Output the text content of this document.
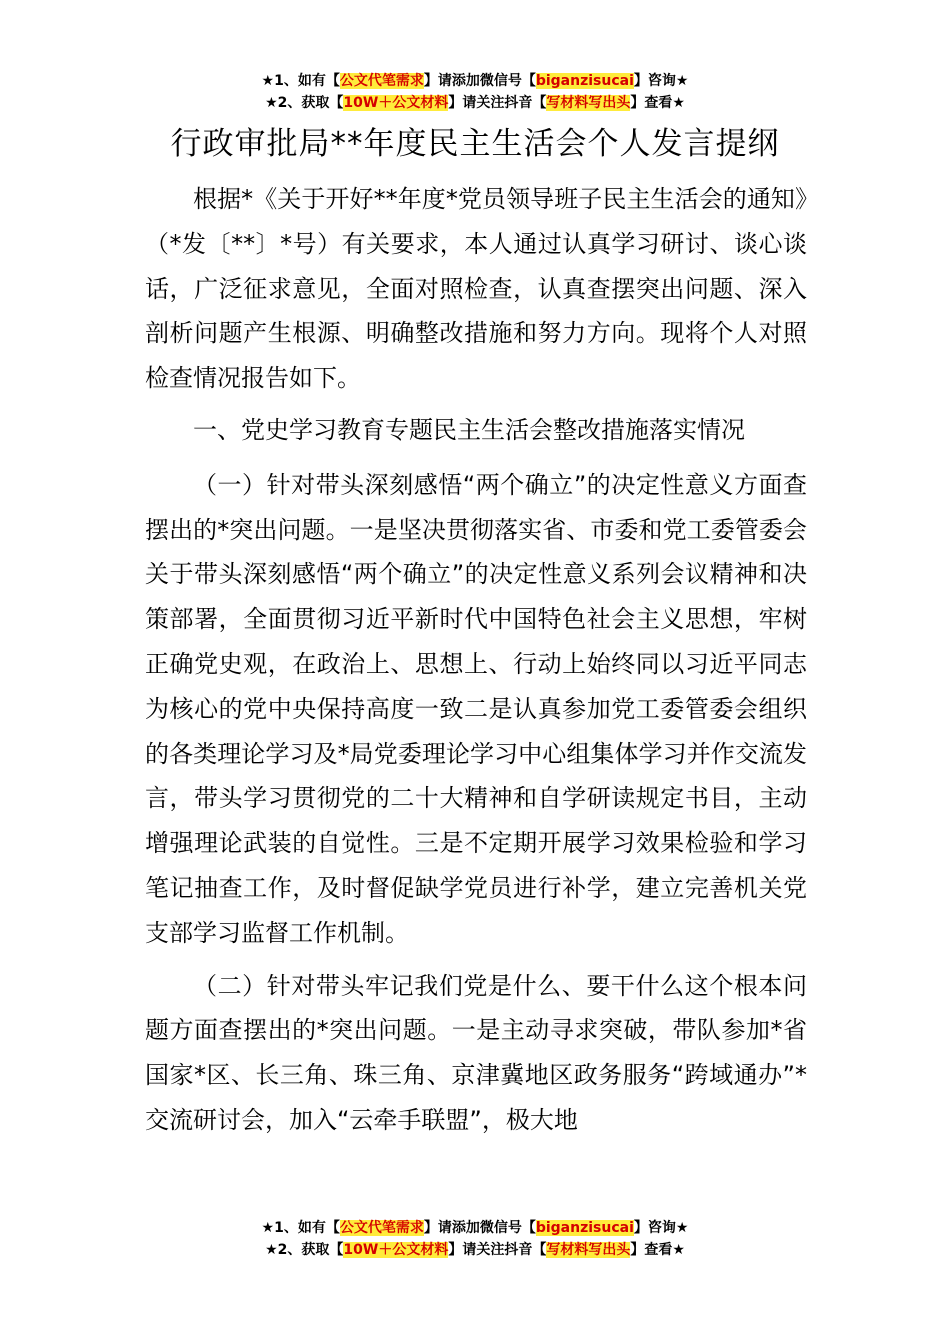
★1、如有【公文代笔需求】请添加微信号【biganzisucai】咨询★
★2、获取【10W＋公文材料】请关注抖音【写材料写出头】查看★
行政审批局**年度民主生活会个人发言提纲

根据*《关于开好**年度*党员领导班子民主生活会的通知》（*发〔**〕*号）有关要求，本人通过认真学习研讨、谈心谈话，广泛征求意见，全面对照检查，认真查摆突出问题、深入剖析问题产生根源、明确整改措施和努力方向。现将个人对照检查情况报告如下。

一、党史学习教育专题民主生活会整改措施落实情况

（一）针对带头深刻感悟“两个确立”的决定性意义方面查摆出的*突出问题。一是坚决贯彻落实省、市委和党工委管委会关于带头深刻感悟“两个确立”的决定性意义系列会议精神和决策部署，全面贯彻习近平新时代中国特色社会主义思想，牢树正确党史观，在政治上、思想上、行动上始终同以习近平同志为核心的党中央保持高度一致二是认真参加党工委管委会组织的各类理论学习及*局党委理论学习中心组集体学习并作交流发言，带头学习贯彻党的二十大精神和自学研读规定书目，主动增强理论武装的自觉性。三是不定期开展学习效果检验和学习笔记抽查工作，及时督促缺学党员进行补学，建立完善机关党支部学习监督工作机制。

（二）针对带头牢记我们党是什么、要干什么这个根本问题方面查摆出的*突出问题。一是主动寻求突破，带队参加*省国家*区、长三角、珠三角、京津冀地区政务服务“跨域通办”*交流研讨会，加入“云牵手联盟”，极大地

★1、如有【公文代笔需求】请添加微信号【biganzisucai】咨询★
★2、获取【10W＋公文材料】请关注抖音【写材料写出头】查看★
